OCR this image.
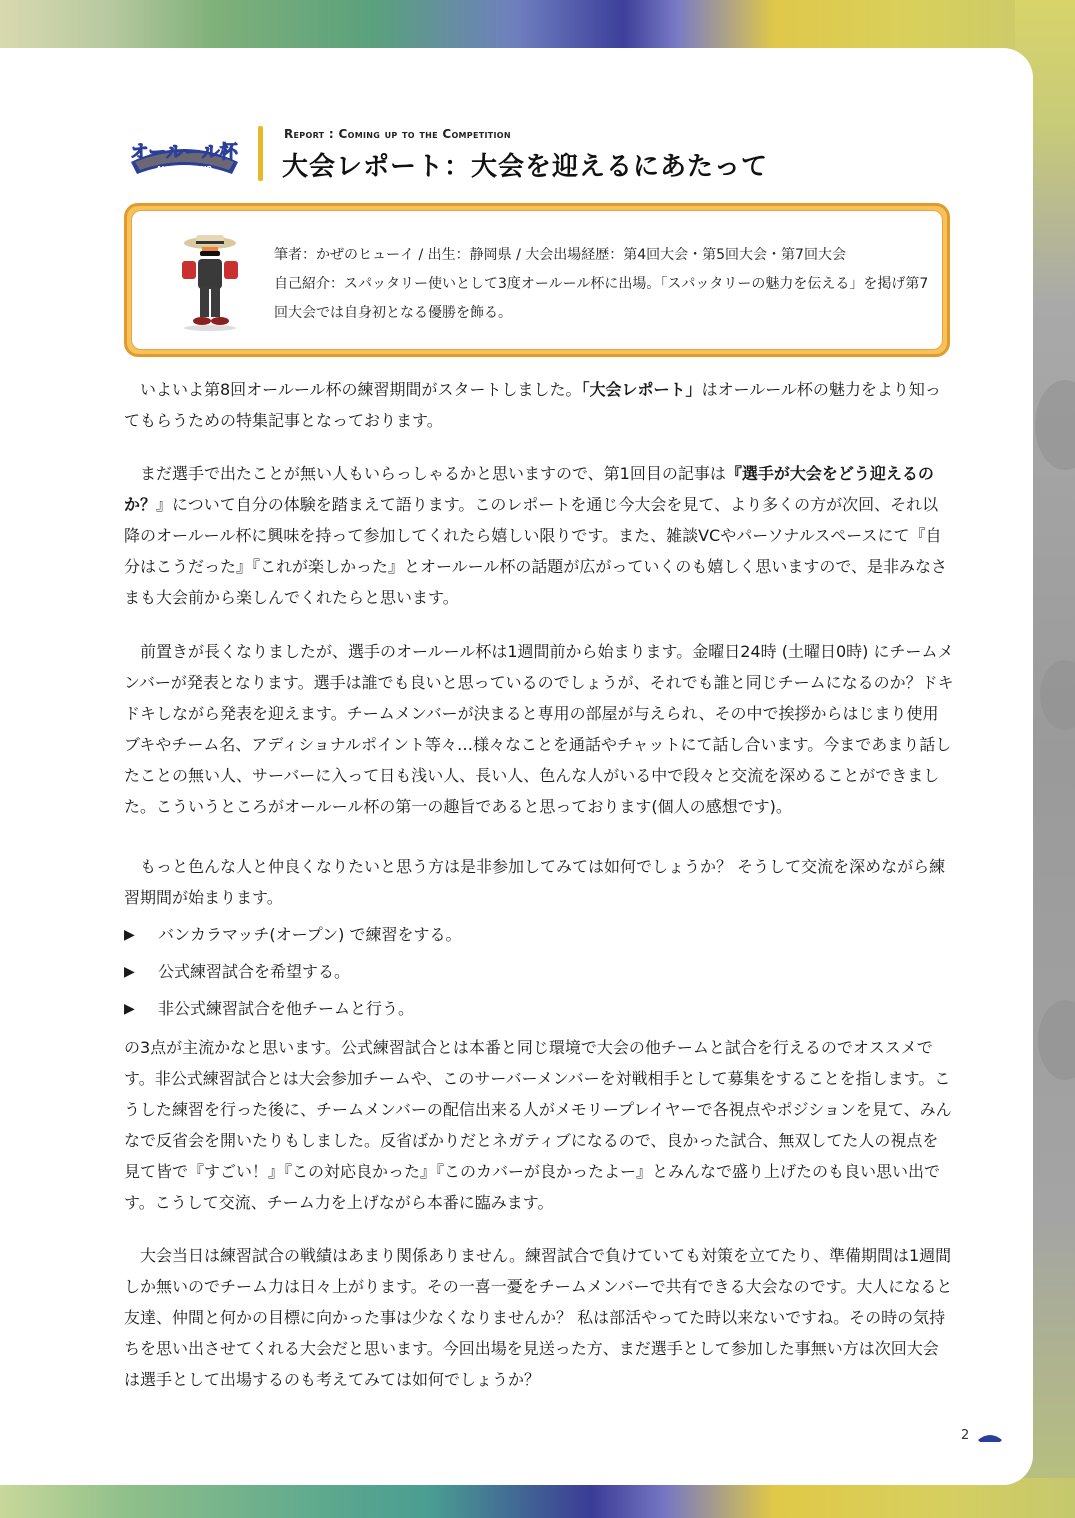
オールール杯
ALL RULE CUP
Report : Coming up to the Competition
大会レポート：大会を迎えるにあたって
筆者：かぜのヒューイ / 出生：静岡県 / 大会出場経歴：第4回大会・第5回大会・第7回大会
自己紹介：スパッタリー使いとして3度オールール杯に出場。「スパッタリーの魅力を伝える」を掲げ第7回大会では自身初となる優勝を飾る。
いよいよ第8回オールール杯の練習期間がスタートしました。「大会レポート」はオールール杯の魅力をより知ってもらうための特集記事となっております。
まだ選手で出たことが無い人もいらっしゃるかと思いますので、第1回目の記事は『選手が大会をどう迎えるのか？』について自分の体験を踏まえて語ります。このレポートを通じ今大会を見て、より多くの方が次回、それ以降のオールール杯に興味を持って参加してくれたら嬉しい限りです。また、雑談VCやパーソナルスペースにて『自分はこうだった』『これが楽しかった』とオールール杯の話題が広がっていくのも嬉しく思いますので、是非みなさまも大会前から楽しんでくれたらと思います。
前置きが長くなりましたが、選手のオールール杯は1週間前から始まります。金曜日24時 (土曜日0時) にチームメンバーが発表となります。選手は誰でも良いと思っているのでしょうが、それでも誰と同じチームになるのか？ドキドキしながら発表を迎えます。チームメンバーが決まると専用の部屋が与えられ、その中で挨拶からはじまり使用ブキやチーム名、アディショナルポイント等々…様々なことを通話やチャットにて話し合います。今まであまり話したことの無い人、サーバーに入って日も浅い人、長い人、色んな人がいる中で段々と交流を深めることができました。こういうところがオールール杯の第一の趣旨であると思っております(個人の感想です)。
もっと色んな人と仲良くなりたいと思う方は是非参加してみては如何でしょうか？ そうして交流を深めながら練習期間が始まります。
▶	バンカラマッチ(オープン) で練習をする。
▶	公式練習試合を希望する。
▶	非公式練習試合を他チームと行う。
の3点が主流かなと思います。公式練習試合とは本番と同じ環境で大会の他チームと試合を行えるのでオススメです。非公式練習試合とは大会参加チームや、このサーバーメンバーを対戦相手として募集をすることを指します。こうした練習を行った後に、チームメンバーの配信出来る人がメモリープレイヤーで各視点やポジションを見て、みんなで反省会を開いたりもしました。反省ばかりだとネガティブになるので、良かった試合、無双してた人の視点を見て皆で『すごい！』『この対応良かった』『このカバーが良かったよー』とみんなで盛り上げたのも良い思い出です。こうして交流、チーム力を上げながら本番に臨みます。
大会当日は練習試合の戦績はあまり関係ありません。練習試合で負けていても対策を立てたり、準備期間は1週間しか無いのでチーム力は日々上がります。その一喜一憂をチームメンバーで共有できる大会なのです。大人になると友達、仲間と何かの目標に向かった事は少なくなりませんか？ 私は部活やってた時以来ないですね。その時の気持ちを思い出させてくれる大会だと思います。今回出場を見送った方、まだ選手として参加した事無い方は次回大会は選手として出場するのも考えてみては如何でしょうか？
2
